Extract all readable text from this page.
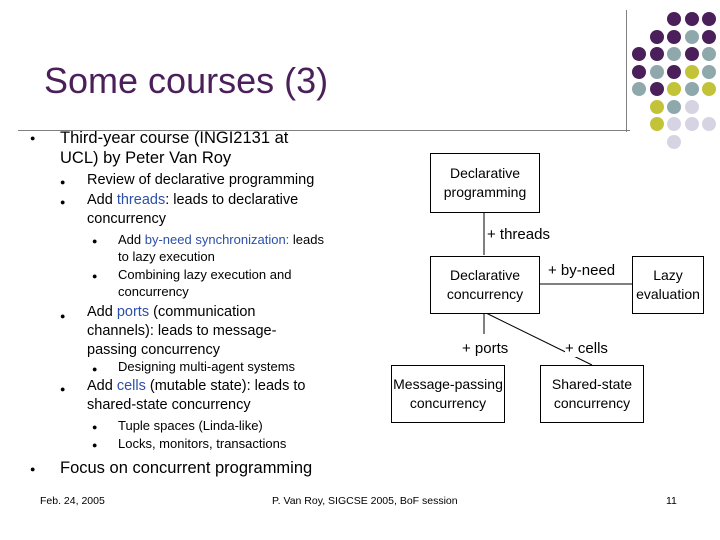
Some courses (3)
● Third-year course (INGI2131 at UCL) by Peter Van Roy
● Review of declarative programming
● Add threads: leads to declarative concurrency
● Add by-need synchronization: leads to lazy execution
● Combining lazy execution and concurrency
● Add ports (communication channels): leads to message-passing concurrency
● Designing multi-agent systems
● Add cells (mutable state): leads to shared-state concurrency
● Tuple spaces (Linda-like)
● Locks, monitors, transactions
● Focus on concurrent programming
Declarative programming
Declarative concurrency
Lazy evaluation
Message-passing concurrency
Shared-state concurrency
+ threads
+ by-need
+ ports	+ cells
Feb. 24, 2005	P. Van Roy, SIGCSE 2005, BoF session	11
